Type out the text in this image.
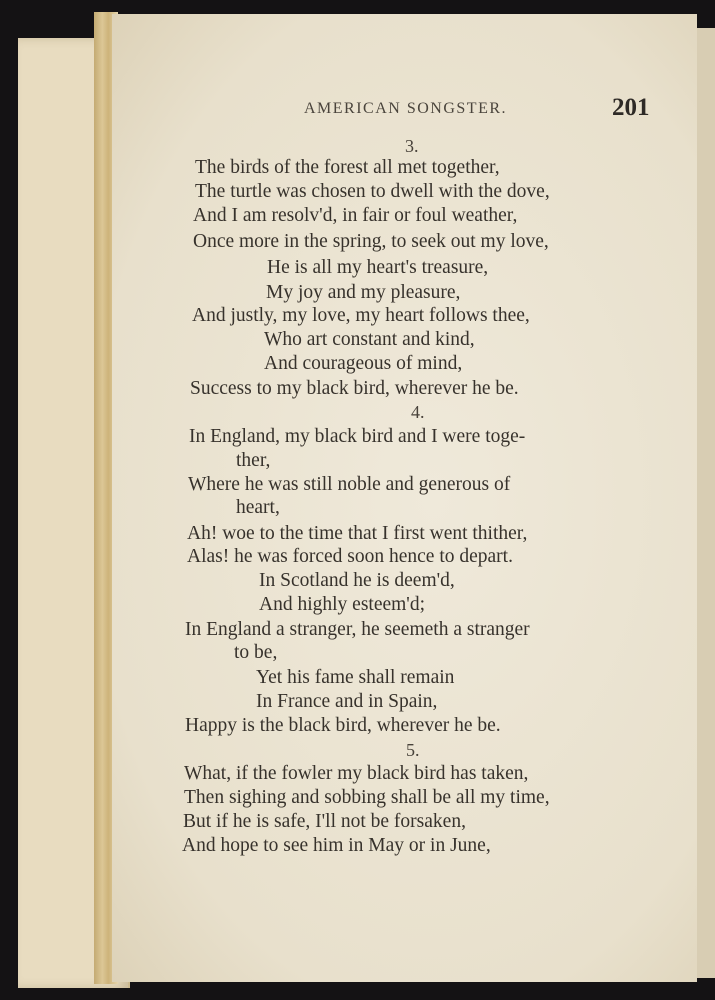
AMERICAN SONGSTER.	201
3.
The birds of the forest all met together,
The turtle was chosen to dwell with the dove,
And I am resolv'd, in fair or foul weather,
Once more in the spring, to seek out my love,
He is all my heart's treasure,
My joy and my pleasure,
And justly, my love, my heart follows thee,
Who art constant and kind,
And courageous of mind,
Success to my black bird, wherever he be.
4.
In England, my black bird and I were toge-
ther,
Where he was still noble and generous of
heart,
Ah! woe to the time that I first went thither,
Alas! he was forced soon hence to depart.
In Scotland he is deem'd,
And highly esteem'd;
In England a stranger, he seemeth a stranger
to be,
Yet his fame shall remain
In France and in Spain,
Happy is the black bird, wherever he be.
5.
What, if the fowler my black bird has taken,
Then sighing and sobbing shall be all my time,
But if he is safe, I'll not be forsaken,
And hope to see him in May or in June,
